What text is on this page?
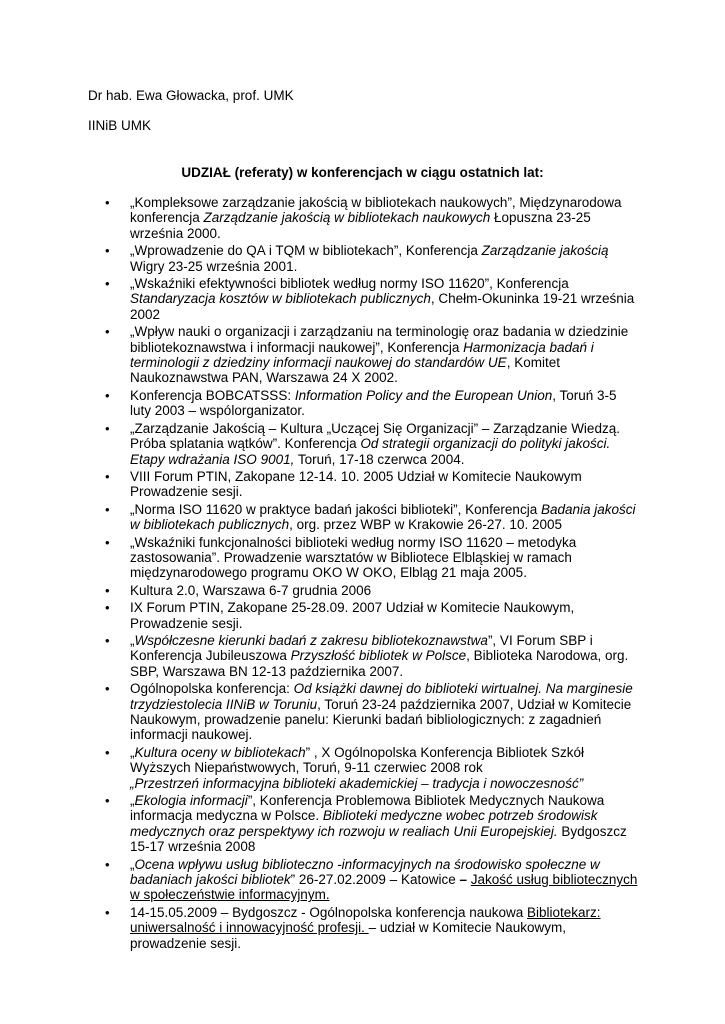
Dr hab. Ewa Głowacka, prof. UMK
IINiB UMK
UDZIAŁ (referaty) w konferencjach w ciągu ostatnich lat:
• „Kompleksowe zarządzanie jakością w bibliotekach naukowych”, Międzynarodowa
konferencja Zarządzanie jakością w bibliotekach naukowych Łopuszna 23-25
września 2000.
• „Wprowadzenie do QA i TQM w bibliotekach”, Konferencja Zarządzanie jakością
Wigry 23-25 września 2001.
• „Wskaźniki efektywności bibliotek według normy ISO 11620”, Konferencja
Standaryzacja kosztów w bibliotekach publicznych, Chełm-Okuninka 19-21 września
2002
• „Wpływ nauki o organizacji i zarządzaniu na terminologię oraz badania w dziedzinie
bibliotekoznawstwa i informacji naukowej”, Konferencja Harmonizacja badań i
terminologii z dziedziny informacji naukowej do standardów UE, Komitet
Naukoznawstwa PAN, Warszawa 24 X 2002.
• Konferencja BOBCATSSS: Information Policy and the European Union, Toruń 3-5
luty 2003 – wspólorganizator.
• „Zarządzanie Jakością – Kultura „Uczącej Się Organizacji” – Zarządzanie Wiedzą.
Próba splatania wątków”. Konferencja Od strategii organizacji do polityki jakości.
Etapy wdrażania ISO 9001, Toruń, 17-18 czerwca 2004.
• VIII Forum PTIN, Zakopane 12-14. 10. 2005 Udział w Komitecie Naukowym
Prowadzenie sesji.
• „Norma ISO 11620 w praktyce badań jakości biblioteki”, Konferencja Badania jakości
w bibliotekach publicznych, org. przez WBP w Krakowie 26-27. 10. 2005
• „Wskaźniki funkcjonalności biblioteki według normy ISO 11620 – metodyka
zastosowania”. Prowadzenie warsztatów w Bibliotece Elbląskiej w ramach
międzynarodowego programu OKO W OKO, Elbląg 21 maja 2005.
• Kultura 2.0, Warszawa 6-7 grudnia 2006
• IX Forum PTIN, Zakopane 25-28.09. 2007 Udział w Komitecie Naukowym,
Prowadzenie sesji.
• „Współczesne kierunki badań z zakresu bibliotekoznawstwa”, VI Forum SBP i
Konferencja Jubileuszowa Przyszłość bibliotek w Polsce, Biblioteka Narodowa, org.
SBP, Warszawa BN 12-13 października 2007.
• Ogólnopolska konferencja: Od książki dawnej do biblioteki wirtualnej. Na marginesie
trzydziestolecia IINiB w Toruniu, Toruń 23-24 października 2007, Udział w Komitecie
Naukowym, prowadzenie panelu: Kierunki badań bibliologicznych: z zagadnień
informacji naukowej.
• „Kultura oceny w bibliotekach” , X Ogólnopolska Konferencja Bibliotek Szkół
Wyższych Niepaństwowych, Toruń, 9-11 czerwiec 2008 rok
„Przestrzeń informacyjna biblioteki akademickiej – tradycja i nowoczesność”
• „Ekologia informacji”, Konferencja Problemowa Bibliotek Medycznych Naukowa
informacja medyczna w Polsce. Biblioteki medyczne wobec potrzeb środowisk
medycznych oraz perspektywy ich rozwoju w realiach Unii Europejskiej. Bydgoszcz
15-17 września 2008
• „Ocena wpływu usług biblioteczno -informacyjnych na środowisko społeczne w
badaniach jakości bibliotek” 26-27.02.2009 – Katowice – Jakość usług bibliotecznych
w społeczeństwie informacyjnym.
• 14-15.05.2009 – Bydgoszcz - Ogólnopolska konferencja naukowa Bibliotekarz:
uniwersalność i innowacyjność profesji. – udział w Komitecie Naukowym,
prowadzenie sesji.
